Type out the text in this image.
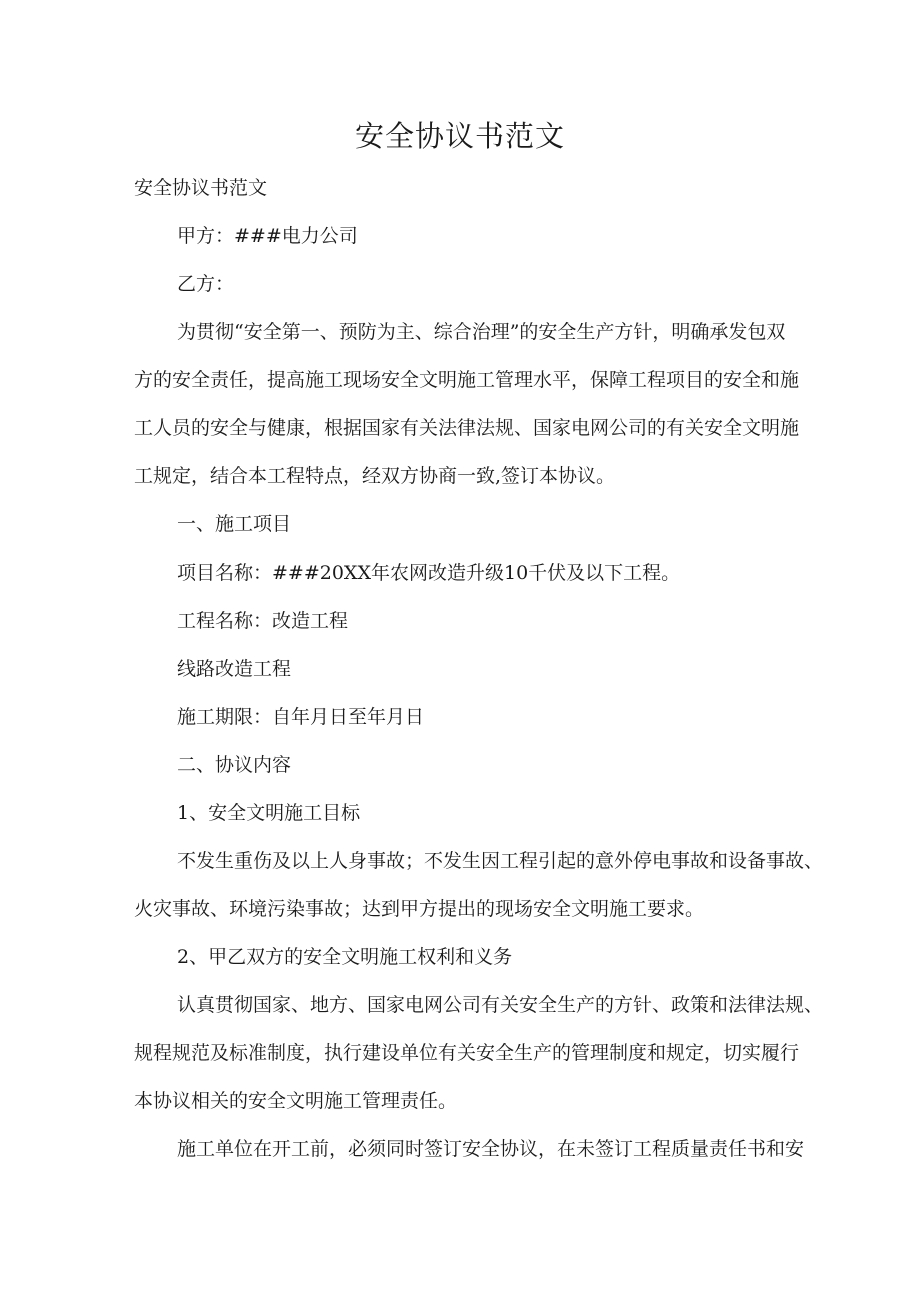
安全协议书范文

安全协议书范文

甲方：###电力公司

乙方：

为贯彻“安全第一、预防为主、综合治理”的安全生产方针，明确承发包双

方的安全责任，提高施工现场安全文明施工管理水平，保障工程项目的安全和施

工人员的安全与健康，根据国家有关法律法规、国家电网公司的有关安全文明施

工规定，结合本工程特点，经双方协商一致,签订本协议。

一、施工项目

项目名称：###20XX年农网改造升级10千伏及以下工程。

工程名称：改造工程

线路改造工程

施工期限：自年月日至年月日

二、协议内容

1、安全文明施工目标

不发生重伤及以上人身事故；不发生因工程引起的意外停电事故和设备事故、

火灾事故、环境污染事故；达到甲方提出的现场安全文明施工要求。

2、甲乙双方的安全文明施工权利和义务

认真贯彻国家、地方、国家电网公司有关安全生产的方针、政策和法律法规、

规程规范及标准制度，执行建设单位有关安全生产的管理制度和规定，切实履行

本协议相关的安全文明施工管理责任。

施工单位在开工前，必须同时签订安全协议，在未签订工程质量责任书和安
